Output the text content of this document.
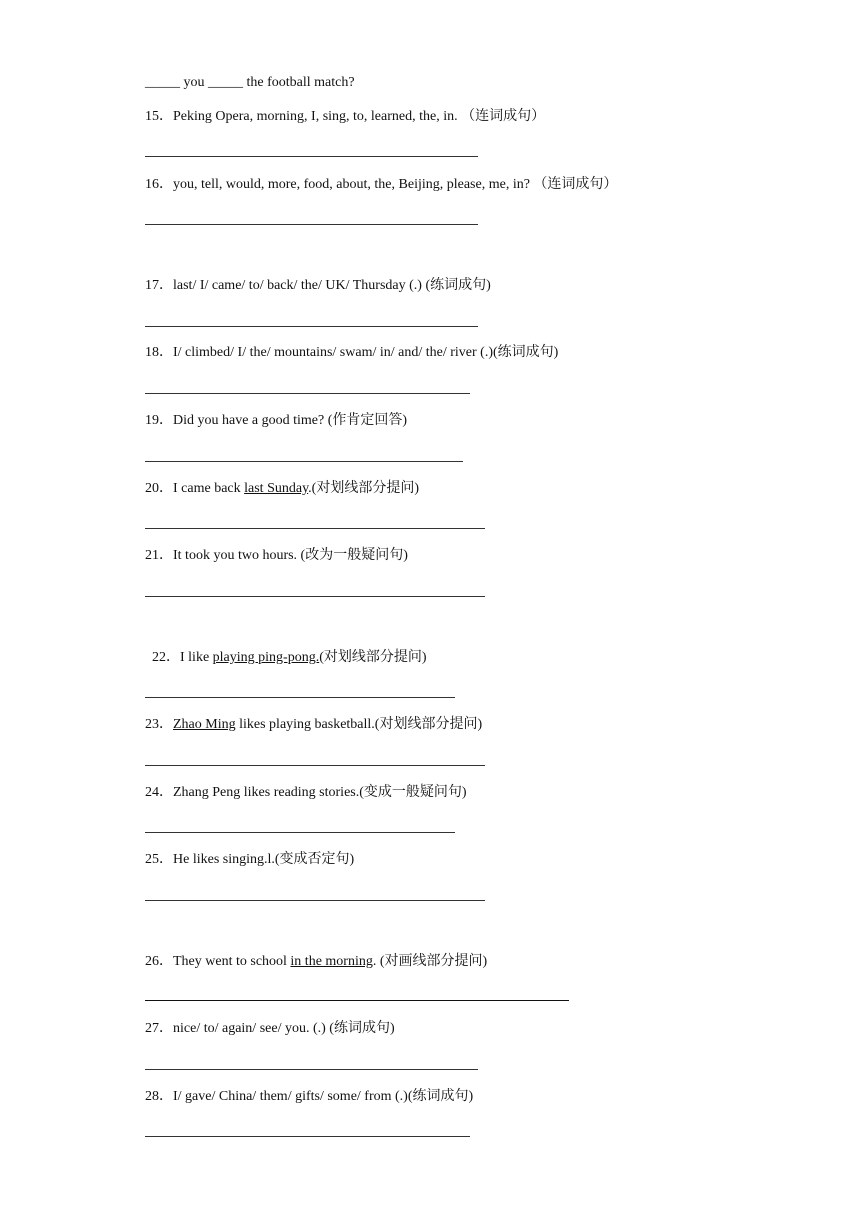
_____ you _____ the football match?
15．Peking Opera, morning, I, sing, to, learned, the, in. （连词成句）
16．you, tell, would, more, food, about, the, Beijing, please, me, in? （连词成句）
17．last/ I/ came/ to/ back/ the/ UK/ Thursday (.) (练词成句)
18．I/ climbed/ I/ the/ mountains/ swam/ in/ and/ the/ river (.)(练词成句)
19．Did you have a good time? (作肯定回答)
20．I came back last Sunday.(对划线部分提问)
21．It took you two hours. (改为一般疑问句)
22．I like playing ping-pong.(对划线部分提问)
23．Zhao Ming likes playing basketball.(对划线部分提问)
24．Zhang Peng likes reading stories.(变成一般疑问句)
25．He likes singing.l.(变成否定句)
26．They went to school in the morning. (对画线部分提问)
27．nice/ to/ again/ see/ you. (.) (练词成句)
28．I/ gave/ China/ them/ gifts/ some/ from (.)(练词成句)
